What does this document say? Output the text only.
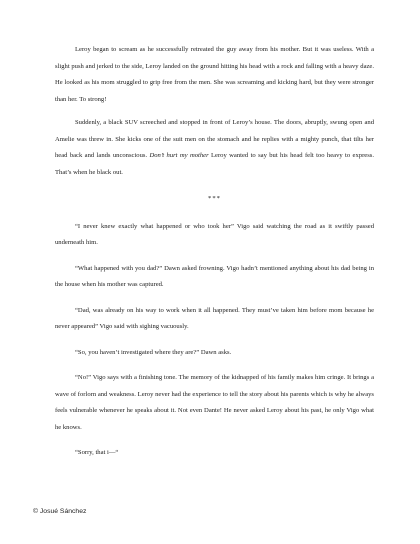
Leroy began to scream as he successfully retreated the guy away from his mother. But it was useless. With a slight push and jerked to the side, Leroy landed on the ground hitting his head with a rock and falling with a heavy daze. He looked as his mom struggled to grip free from the men. She was screaming and kicking hard, but they were stronger than her. To strong!

Suddenly, a black SUV screeched and stopped in front of Leroy’s house. The doors, abruptly, swung open and Amelie was threw in. She kicks one of the suit men on the stomach and he replies with a mighty punch, that tilts her head back and lands unconscious. Don’t hurt my mother Leroy wanted to say but his head felt too heavy to express. That’s when he black out.

***

“I never knew exactly what happened or who took her” Vigo said watching the road as it swiftly passed underneath him.

“What happened with you dad?” Dawn asked frowning. Vigo hadn’t mentioned anything about his dad being in the house when his mother was captured.

“Dad, was already on his way to work when it all happened. They must’ve taken him before mom because he never appeared” Vigo said with sighing vacuously.

“So, you haven’t investigated where they are?” Dawn asks.

“No!” Vigo says with a finishing tone. The memory of the kidnapped of his family makes him cringe. It brings a wave of forlorn and weakness. Leroy never had the experience to tell the story about his parents which is why he always feels vulnerable whenever he speaks about it. Not even Dante! He never asked Leroy about his past, he only Vigo what he knows.

“Sorry, that i—“

© Josué Sánchez
